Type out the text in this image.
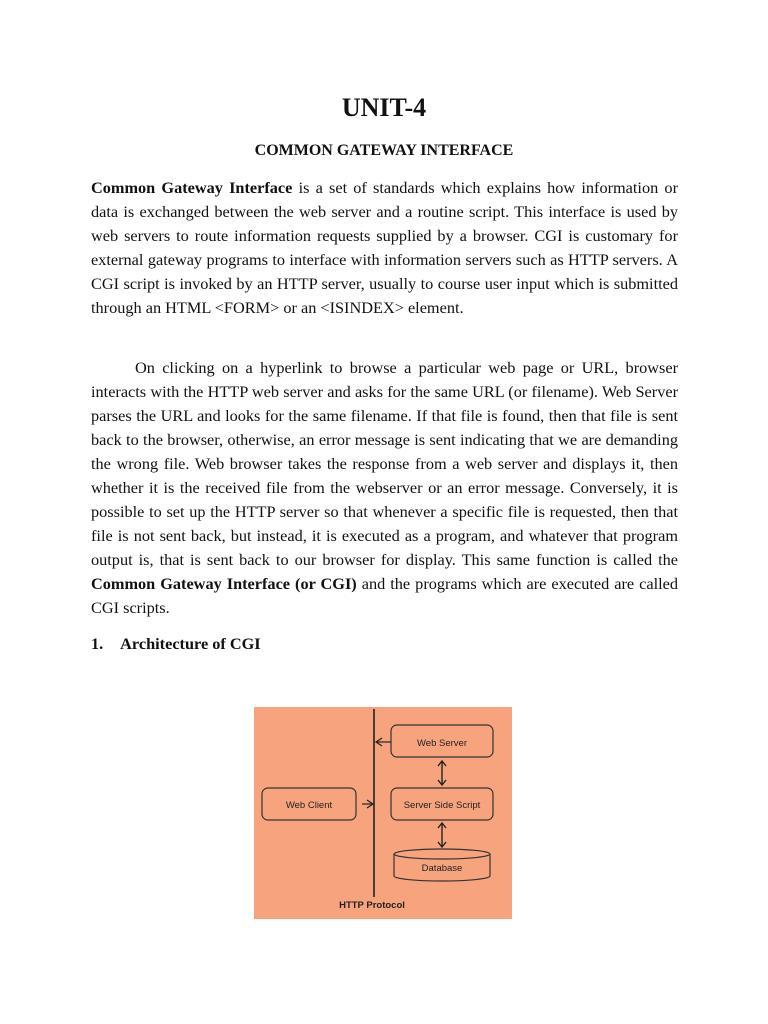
UNIT-4
COMMON GATEWAY INTERFACE

Common Gateway Interface is a set of standards which explains how information or data is exchanged between the web server and a routine script. This interface is used by web servers to route information requests supplied by a browser. CGI is customary for external gateway programs to interface with information servers such as HTTP servers. A CGI script is invoked by an HTTP server, usually to course user input which is submitted through an HTML <FORM> or an <ISINDEX> element.

On clicking on a hyperlink to browse a particular web page or URL, browser interacts with the HTTP web server and asks for the same URL (or filename). Web Server parses the URL and looks for the same filename. If that file is found, then that file is sent back to the browser, otherwise, an error message is sent indicating that we are demanding the wrong file. Web browser takes the response from a web server and displays it, then whether it is the received file from the webserver or an error message. Conversely, it is possible to set up the HTTP server so that whenever a specific file is requested, then that file is not sent back, but instead, it is executed as a program, and whatever that program output is, that is sent back to our browser for display. This same function is called the Common Gateway Interface (or CGI) and the programs which are executed are called CGI scripts.

1. Architecture of CGI
Web Server
Web Client	Server Side Script
Database
HTTP Protocol
